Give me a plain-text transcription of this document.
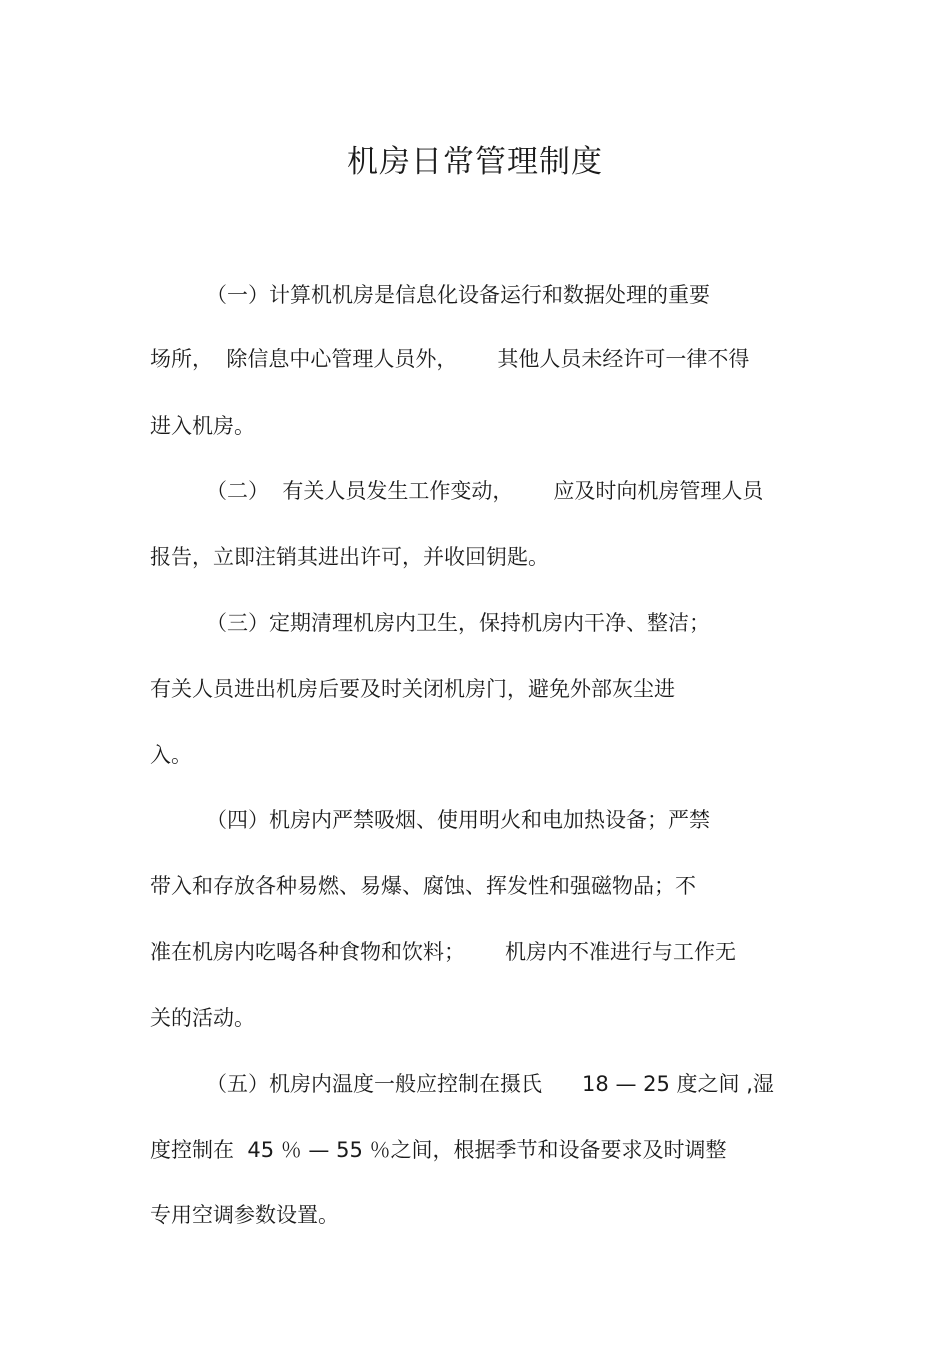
机房日常管理制度
（一）计算机机房是信息化设备运行和数据处理的重要
场所，  除信息中心管理人员外，      其他人员未经许可一律不得
进入机房。
（二）  有关人员发生工作变动，      应及时向机房管理人员
报告，立即注销其进出许可，并收回钥匙。
（三）定期清理机房内卫生，保持机房内干净、整洁；
有关人员进出机房后要及时关闭机房门，避免外部灰尘进
入。
（四）机房内严禁吸烟、使用明火和电加热设备；严禁
带入和存放各种易燃、易爆、腐蚀、挥发性和强磁物品；不
准在机房内吃喝各种食物和饮料；      机房内不准进行与工作无
关的活动。
（五）机房内温度一般应控制在摄氏      18 — 25 度之间 ,湿
度控制在  45 ％ — 55 ％之间，根据季节和设备要求及时调整
专用空调参数设置。
